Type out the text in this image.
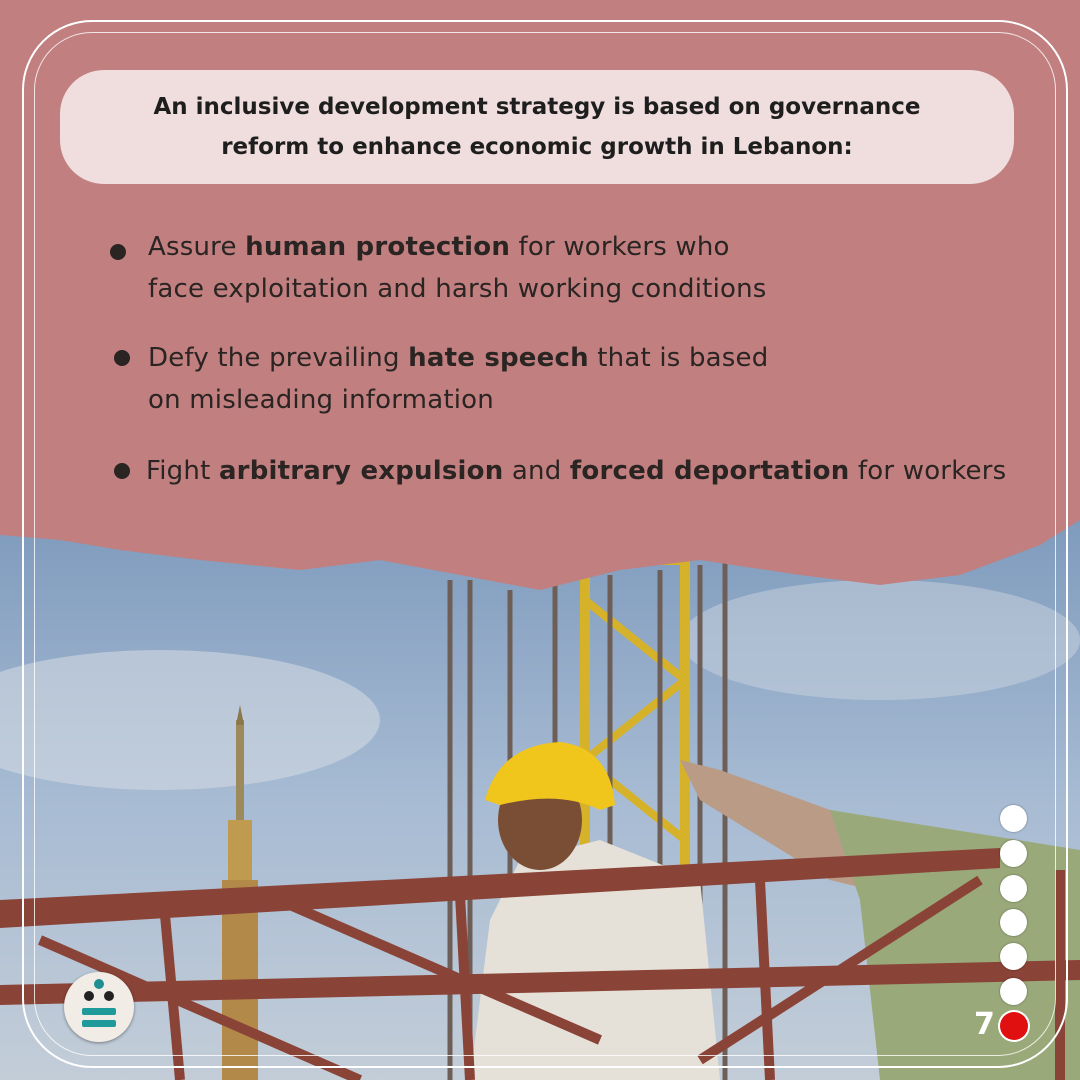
An inclusive development strategy is based on governance
reform to enhance economic growth in Lebanon:
Assure human protection for workers who
face exploitation and harsh working conditions
Defy the prevailing hate speech that is based
on misleading information
Fight arbitrary expulsion and forced deportation for workers
7
